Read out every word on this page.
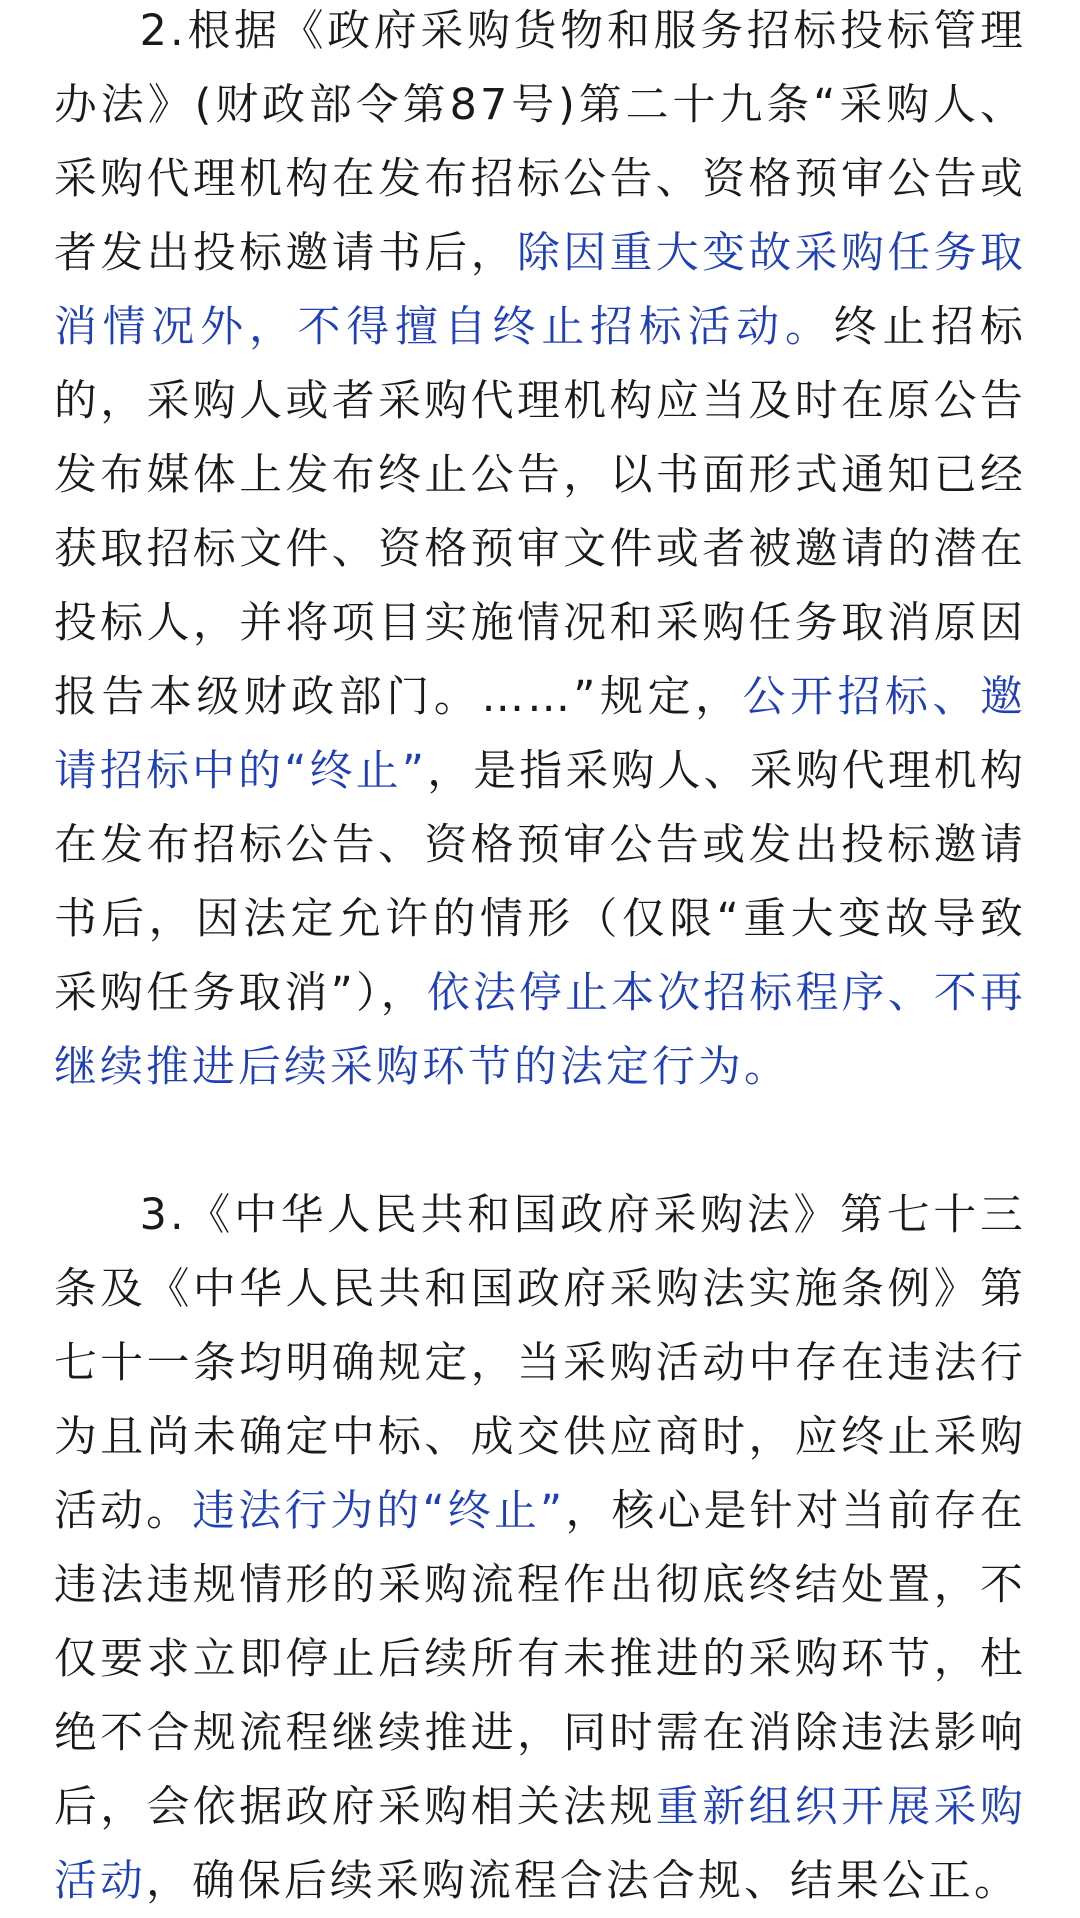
2.根据《政府采购货物和服务招标投标管理办法》(财政部令第87号)第二十九条“采购人、采购代理机构在发布招标公告、资格预审公告或者发出投标邀请书后，除因重大变故采购任务取消情况外，不得擅自终止招标活动。终止招标的，采购人或者采购代理机构应当及时在原公告发布媒体上发布终止公告，以书面形式通知已经获取招标文件、资格预审文件或者被邀请的潜在投标人，并将项目实施情况和采购任务取消原因报告本级财政部门。……”规定，公开招标、邀请招标中的“终止”，是指采购人、采购代理机构在发布招标公告、资格预审公告或发出投标邀请书后，因法定允许的情形（仅限“重大变故导致采购任务取消”），依法停止本次招标程序、不再继续推进后续采购环节的法定行为。

3.《中华人民共和国政府采购法》第七十三条及《中华人民共和国政府采购法实施条例》第七十一条均明确规定，当采购活动中存在违法行为且尚未确定中标、成交供应商时，应终止采购活动。违法行为的“终止”，核心是针对当前存在违法违规情形的采购流程作出彻底终结处置，不仅要求立即停止后续所有未推进的采购环节，杜绝不合规流程继续推进，同时需在消除违法影响后，会依据政府采购相关法规重新组织开展采购活动，确保后续采购流程合法合规、结果公正。
